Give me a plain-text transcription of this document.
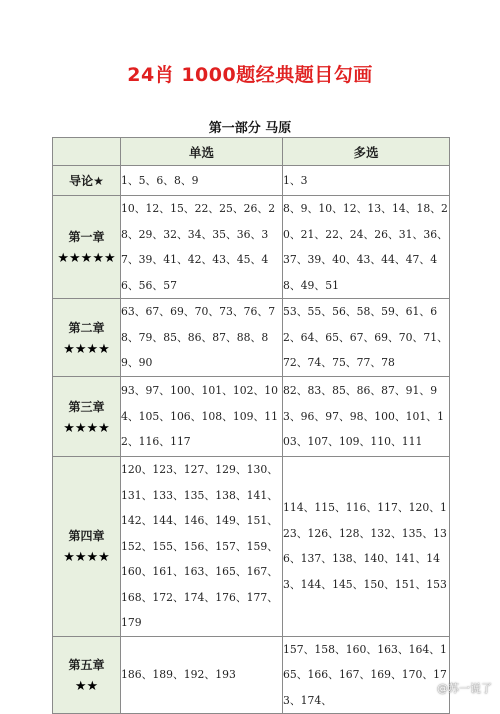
24肖 1000题经典题目勾画
第一部分 马原
	单选	多选
导论★	1、5、6、8、9	1、3
第一章
★★★★★	10、12、15、22、25、26、28、29、32、34、35、36、37、39、41、42、43、45、46、56、57	8、9、10、12、13、14、18、20、21、22、24、26、31、36、37、39、40、43、44、47、48、49、51
第二章
★★★★	63、67、69、70、73、76、78、79、85、86、87、88、89、90	53、55、56、58、59、61、62、64、65、67、69、70、71、72、74、75、77、78
第三章
★★★★	93、97、100、101、102、104、105、106、108、109、112、116、117	82、83、85、86、87、91、93、96、97、98、100、101、103、107、109、110、111
第四章
★★★★	120、123、127、129、130、131、133、135、138、141、142、144、146、149、151、152、155、156、157、159、160、161、163、165、167、168、172、174、176、177、179	114、115、116、117、120、123、126、128、132、135、136、137、138、140、141、143、144、145、150、151、153
第五章
★★	186、189、192、193	157、158、160、163、164、165、166、167、169、170、173、174、
@苏一说了
